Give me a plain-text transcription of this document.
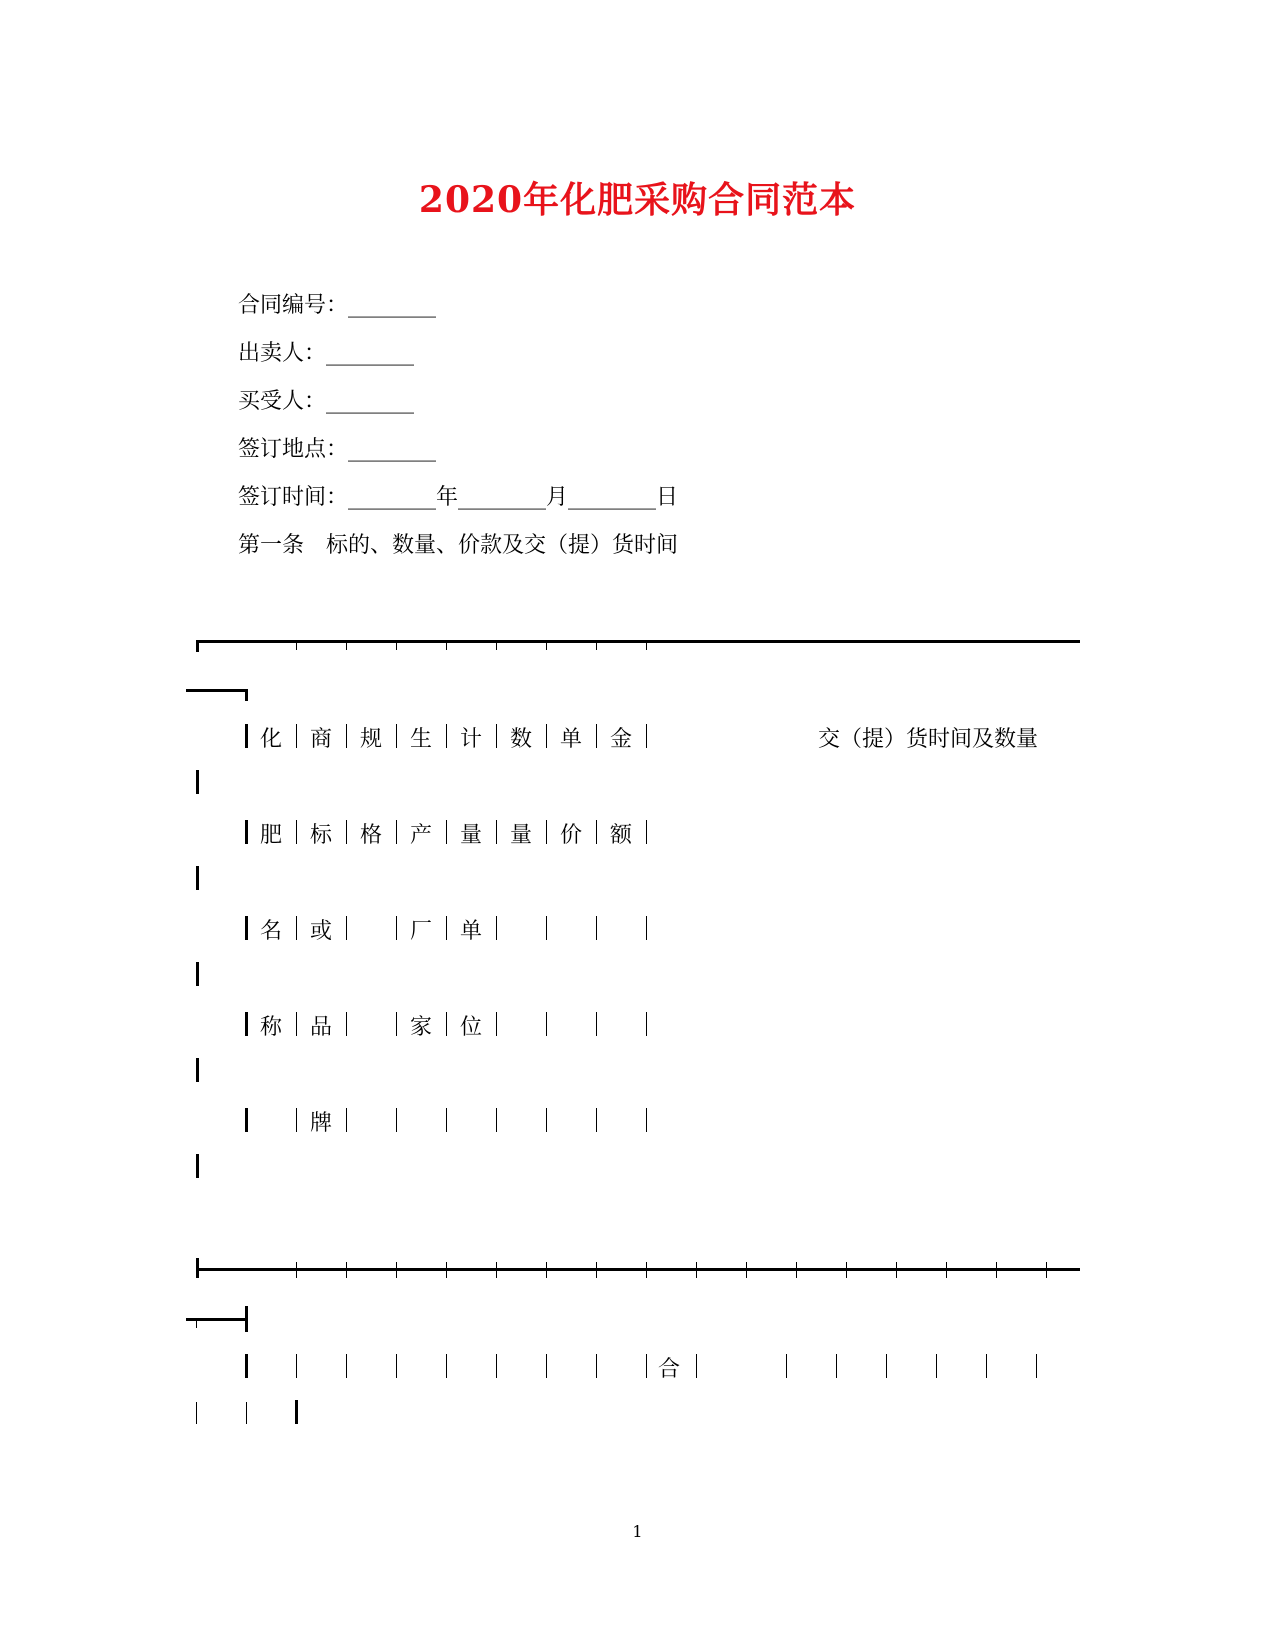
2020年化肥采购合同范本
合同编号：________
出卖人：________
买受人：________
签订地点：________
签订时间：________年________月________日
第一条　标的、数量、价款及交（提）货时间
交（提）货时间及数量
合
化 商 规 生 计 数 单 金
肥 标 格 产 量 量 价 额
名 或	厂 单
称 品	家 位
牌
1
